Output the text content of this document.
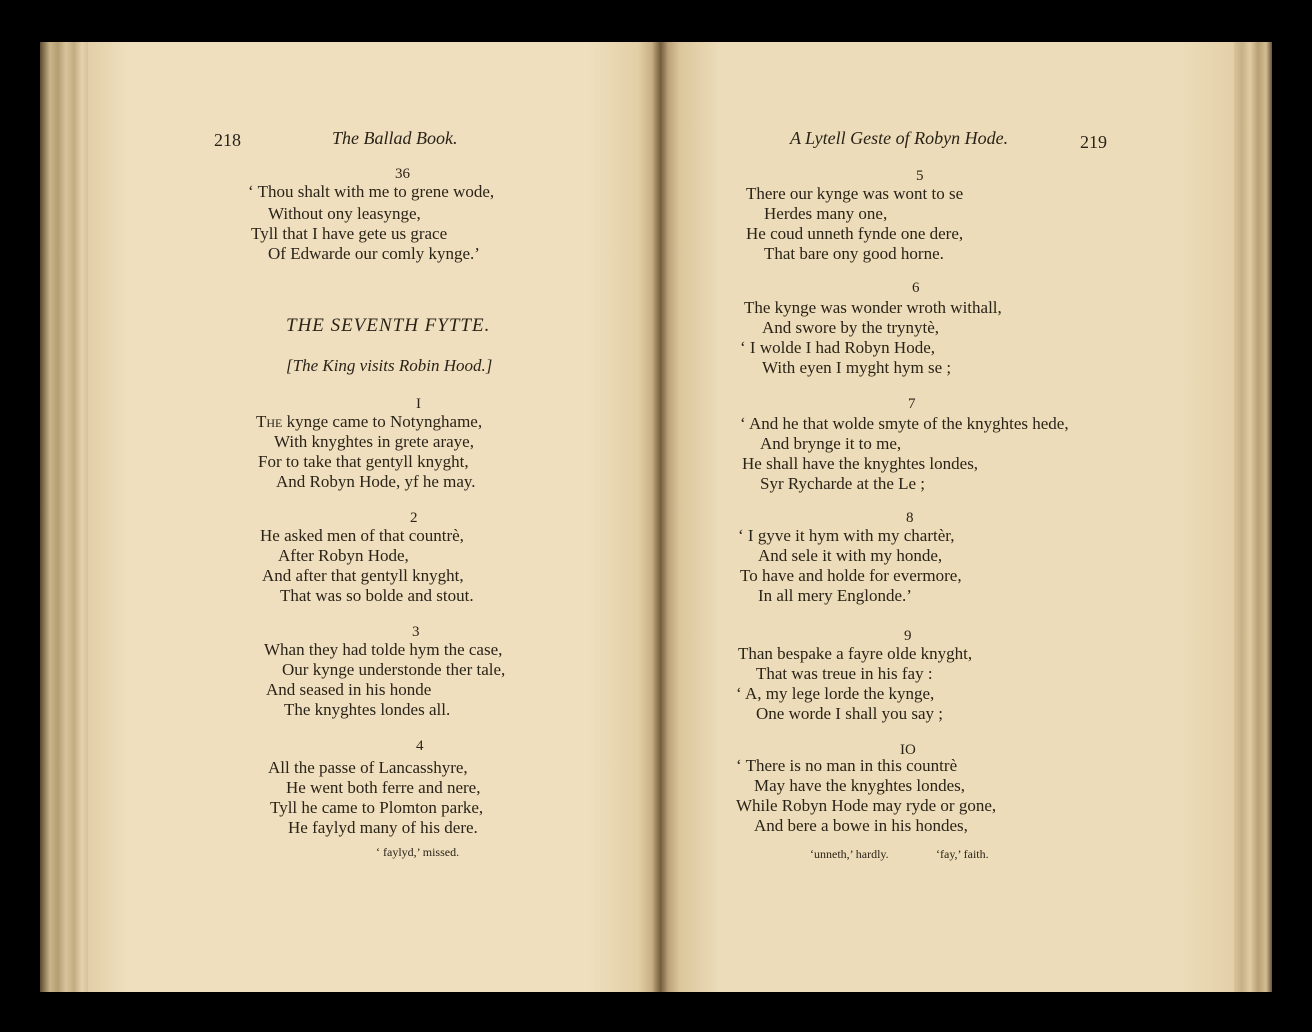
218	The Ballad Book.
36
‘ Thou shalt with me to grene wode,
Without ony leasynge,
Tyll that I have gete us grace
Of Edwarde our comly kynge.’
THE SEVENTH FYTTE.
[The King visits Robin Hood.]
I
The kynge came to Notynghame,
With knyghtes in grete araye,
For to take that gentyll knyght,
And Robyn Hode, yf he may.
2
He asked men of that countrè,
After Robyn Hode,
And after that gentyll knyght,
That was so bolde and stout.
3
Whan they had tolde hym the case,
Our kynge understonde ther tale,
And seased in his honde
The knyghtes londes all.
4
All the passe of Lancasshyre,
He went both ferre and nere,
Tyll he came to Plomton parke,
He faylyd many of his dere.
‘ faylyd,’ missed.
A Lytell Geste of Robyn Hode.	219
5
There our kynge was wont to se
Herdes many one,
He coud unneth fynde one dere,
That bare ony good horne.
6
The kynge was wonder wroth withall,
And swore by the trynytè,
‘ I wolde I had Robyn Hode,
With eyen I myght hym se ;
7
‘ And he that wolde smyte of the knyghtes hede,
And brynge it to me,
He shall have the knyghtes londes,
Syr Rycharde at the Le ;
8
‘ I gyve it hym with my chartèr,
And sele it with my honde,
To have and holde for evermore,
In all mery Englonde.’
9
Than bespake a fayre olde knyght,
That was treue in his fay :
‘ A, my lege lorde the kynge,
One worde I shall you say ;
IO
‘ There is no man in this countrè
May have the knyghtes londes,
While Robyn Hode may ryde or gone,
And bere a bowe in his hondes,
‘unneth,’ hardly.	‘fay,’ faith.
